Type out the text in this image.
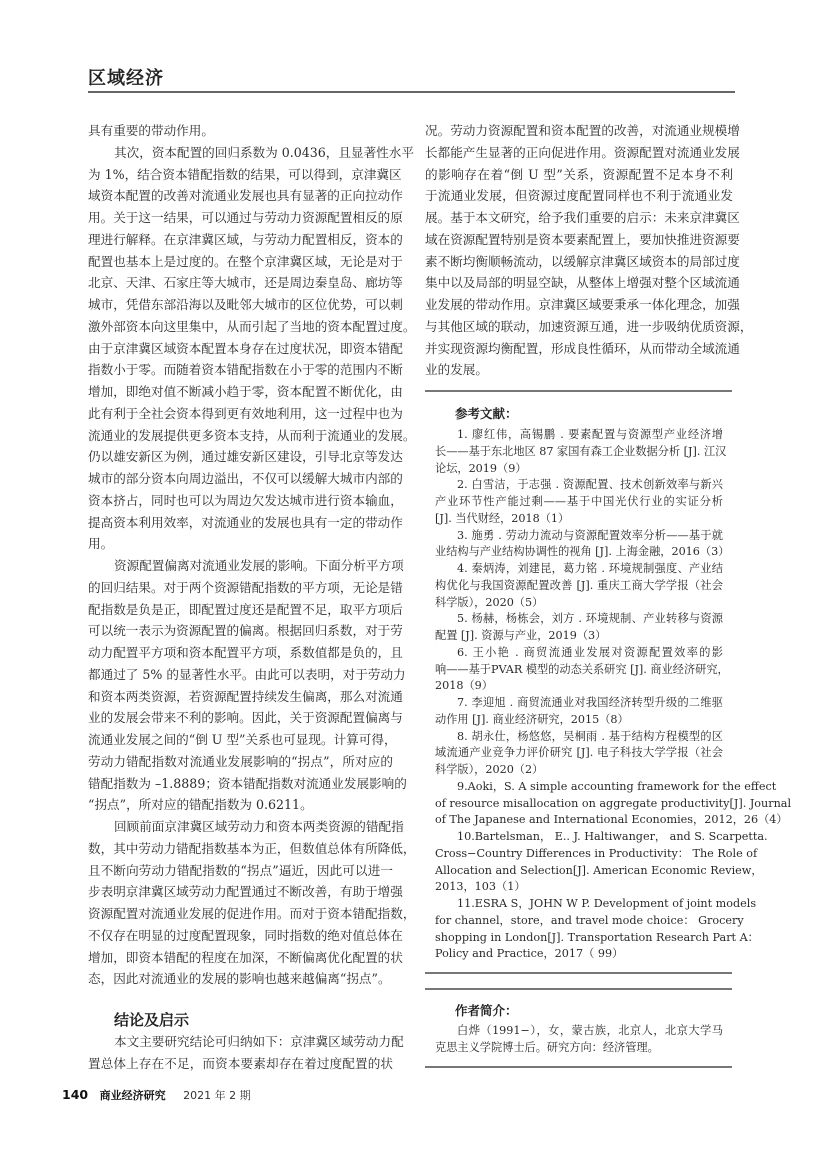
区域经济
具有重要的带动作用。
其次，资本配置的回归系数为 0.0436，且显著性水平
为 1%，结合资本错配指数的结果，可以得到，京津冀区
域资本配置的改善对流通业发展也具有显著的正向拉动作
用。关于这一结果，可以通过与劳动力资源配置相反的原
理进行解释。在京津冀区域，与劳动力配置相反，资本的
配置也基本上是过度的。在整个京津冀区域，无论是对于
北京、天津、石家庄等大城市，还是周边秦皇岛、廊坊等
城市，凭借东部沿海以及毗邻大城市的区位优势，可以刺
激外部资本向这里集中，从而引起了当地的资本配置过度。
由于京津冀区域资本配置本身存在过度状况，即资本错配
指数小于零。而随着资本错配指数在小于零的范围内不断
增加，即绝对值不断减小趋于零，资本配置不断优化，由
此有利于全社会资本得到更有效地利用，这一过程中也为
流通业的发展提供更多资本支持，从而利于流通业的发展。
仍以雄安新区为例，通过雄安新区建设，引导北京等发达
城市的部分资本向周边溢出，不仅可以缓解大城市内部的
资本挤占，同时也可以为周边欠发达城市进行资本输血，
提高资本利用效率，对流通业的发展也具有一定的带动作
用。
资源配置偏离对流通业发展的影响。下面分析平方项
的回归结果。对于两个资源错配指数的平方项，无论是错
配指数是负是正，即配置过度还是配置不足，取平方项后
可以统一表示为资源配置的偏离。根据回归系数，对于劳
动力配置平方项和资本配置平方项，系数值都是负的，且
都通过了 5% 的显著性水平。由此可以表明，对于劳动力
和资本两类资源，若资源配置持续发生偏离，那么对流通
业的发展会带来不利的影响。因此，关于资源配置偏离与
流通业发展之间的“倒 U 型”关系也可显现。计算可得，
劳动力错配指数对流通业发展影响的“拐点”，所对应的
错配指数为 –1.8889；资本错配指数对流通业发展影响的
“拐点”，所对应的错配指数为 0.6211。
回顾前面京津冀区域劳动力和资本两类资源的错配指
数，其中劳动力错配指数基本为正，但数值总体有所降低，
且不断向劳动力错配指数的“拐点”逼近，因此可以进一
步表明京津冀区域劳动力配置通过不断改善，有助于增强
资源配置对流通业发展的促进作用。而对于资本错配指数，
不仅存在明显的过度配置现象，同时指数的绝对值总体在
增加，即资本错配的程度在加深，不断偏离优化配置的状
态，因此对流通业的发展的影响也越来越偏离“拐点”。
结论及启示
本文主要研究结论可归纳如下：京津冀区域劳动力配
置总体上存在不足，而资本要素却存在着过度配置的状
况。劳动力资源配置和资本配置的改善，对流通业规模增
长都能产生显著的正向促进作用。资源配置对流通业发展
的影响存在着“倒 U 型”关系，资源配置不足本身不利
于流通业发展，但资源过度配置同样也不利于流通业发
展。基于本文研究，给予我们重要的启示：未来京津冀区
域在资源配置特别是资本要素配置上，要加快推进资源要
素不断均衡顺畅流动，以缓解京津冀区域资本的局部过度
集中以及局部的明显空缺，从整体上增强对整个区域流通
业发展的带动作用。京津冀区域要秉承一体化理念，加强
与其他区域的联动，加速资源互通，进一步吸纳优质资源，
并实现资源均衡配置，形成良性循环，从而带动全域流通
业的发展。
参考文献：
1. 廖红伟，高锡鹏 . 要素配置与资源型产业经济增
长——基于东北地区 87 家国有森工企业数据分析 [J]. 江汉
论坛，2019（9）
2. 白雪洁，于志强 . 资源配置、技术创新效率与新兴
产业环节性产能过剩——基于中国光伏行业的实证分析
[J]. 当代财经，2018（1）
3. 施勇 . 劳动力流动与资源配置效率分析——基于就
业结构与产业结构协调性的视角 [J]. 上海金融，2016（3）
4. 秦炳涛，刘建昆，葛力铭 . 环境规制强度、产业结
构优化与我国资源配置改善 [J]. 重庆工商大学学报（社会
科学版），2020（5）
5. 杨赫，杨栋会，刘方 . 环境规制、产业转移与资源
配置 [J]. 资源与产业，2019（3）
6. 王小艳 . 商贸流通业发展对资源配置效率的影
响——基于PVAR 模型的动态关系研究 [J]. 商业经济研究，
2018（9）
7. 李迎旭 . 商贸流通业对我国经济转型升级的二维驱
动作用 [J]. 商业经济研究，2015（8）
8. 胡永仕，杨悠悠，吴桐雨 . 基于结构方程模型的区
域流通产业竞争力评价研究 [J]. 电子科技大学学报（社会
科学版），2020（2）
9.Aoki，S. A simple accounting framework for the effect
of resource misallocation on aggregate productivity[J]. Journal
of The Japanese and International Economies，2012，26（4）
10.Bartelsman， E.. J. Haltiwanger， and S. Scarpetta.
Cross−Country Differences in Productivity： The Role of
Allocation and Selection[J]. American Economic Review，
2013，103（1）
11.ESRA S，JOHN W P. Development of joint models
for channel，store，and travel mode choice： Grocery
shopping in London[J]. Transportation Research Part A：
Policy and Practice，2017（ 99）
作者简介：
白烨（1991−），女，蒙古族，北京人，北京大学马
克思主义学院博士后。研究方向：经济管理。
140 商业经济研究 2021 年 2 期
